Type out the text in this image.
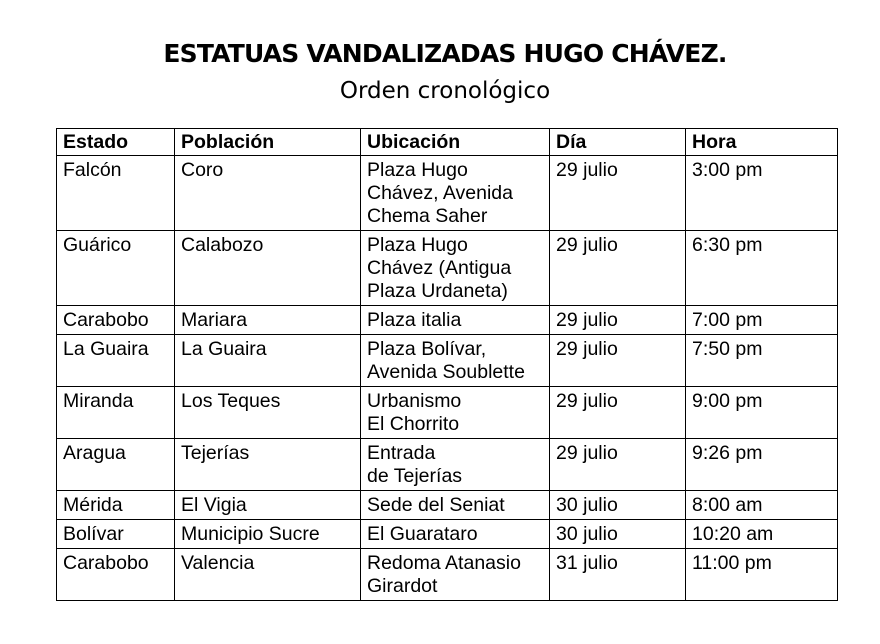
ESTATUAS VANDALIZADAS HUGO CHÁVEZ.

Orden cronológico

Estado	Población	Ubicación	Día	Hora
Falcón	Coro	Plaza Hugo
Chávez, Avenida
Chema Saher	29 julio	3:00 pm
Guárico	Calabozo	Plaza Hugo
Chávez (Antigua
Plaza Urdaneta)	29 julio	6:30 pm
Carabobo	Mariara	Plaza italia	29 julio	7:00 pm
La Guaira	La Guaira	Plaza Bolívar,
Avenida Soublette	29 julio	7:50 pm
Miranda	Los Teques	Urbanismo
El Chorrito	29 julio	9:00 pm
Aragua	Tejerías	Entrada
de Tejerías	29 julio	9:26 pm
Mérida	El Vigia	Sede del Seniat	30 julio	8:00 am
Bolívar	Municipio Sucre	El Guarataro	30 julio	10:20 am
Carabobo	Valencia	Redoma Atanasio
Girardot	31 julio	11:00 pm
